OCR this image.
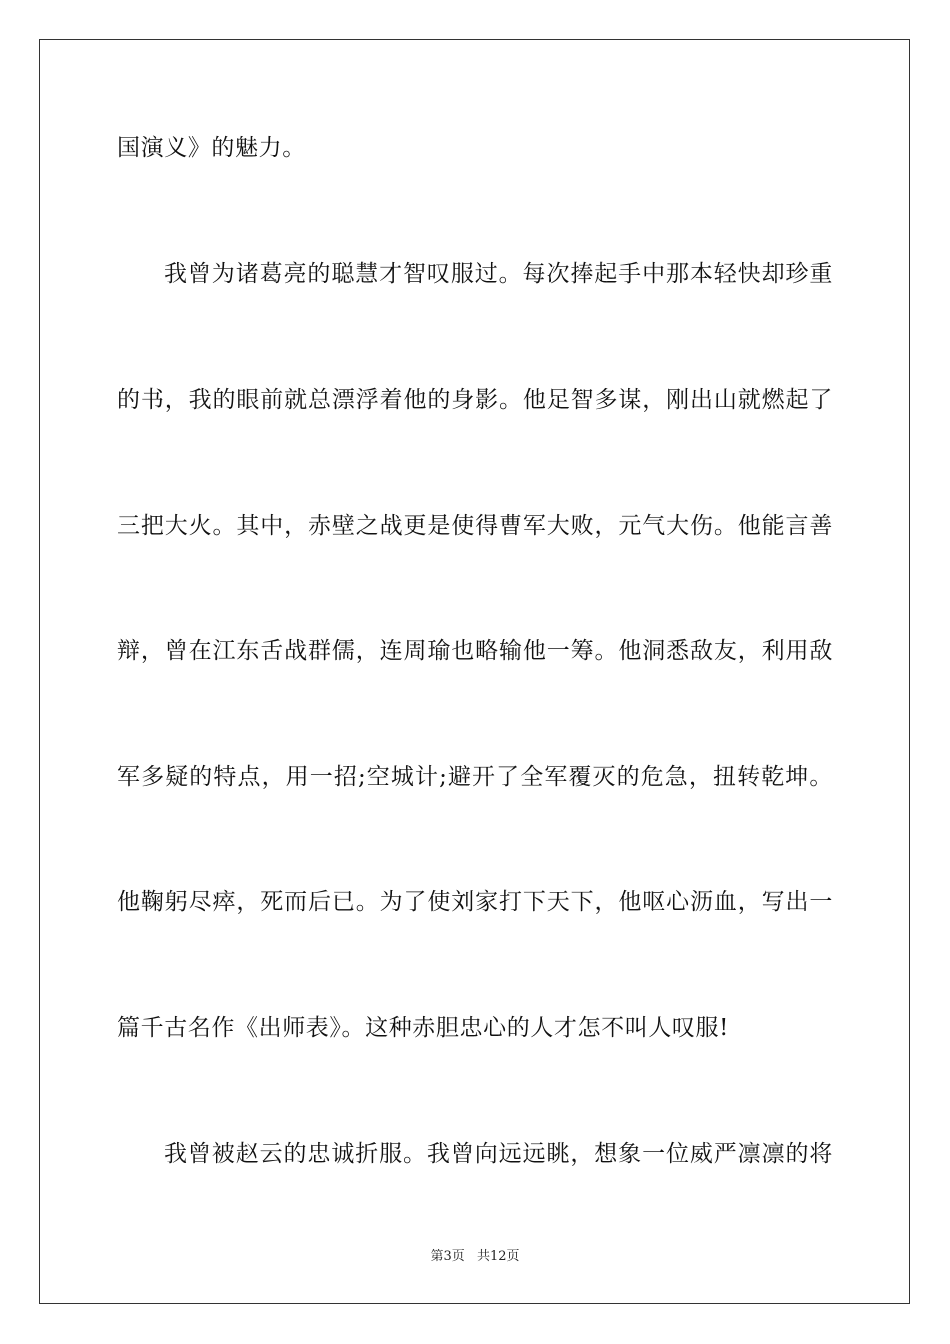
国演义》的魅力。
我曾为诸葛亮的聪慧才智叹服过。每次捧起手中那本轻快却珍重
的书，我的眼前就总漂浮着他的身影。他足智多谋，刚出山就燃起了
三把大火。其中，赤壁之战更是使得曹军大败，元气大伤。他能言善
辩，曾在江东舌战群儒，连周瑜也略输他一筹。他洞悉敌友，利用敌
军多疑的特点，用一招;空城计;避开了全军覆灭的危急，扭转乾坤。
他鞠躬尽瘁，死而后已。为了使刘家打下天下，他呕心沥血，写出一
篇千古名作《出师表》。这种赤胆忠心的人才怎不叫人叹服!
我曾被赵云的忠诚折服。我曾向远远眺，想象一位威严凛凛的将
第3页 共12页
